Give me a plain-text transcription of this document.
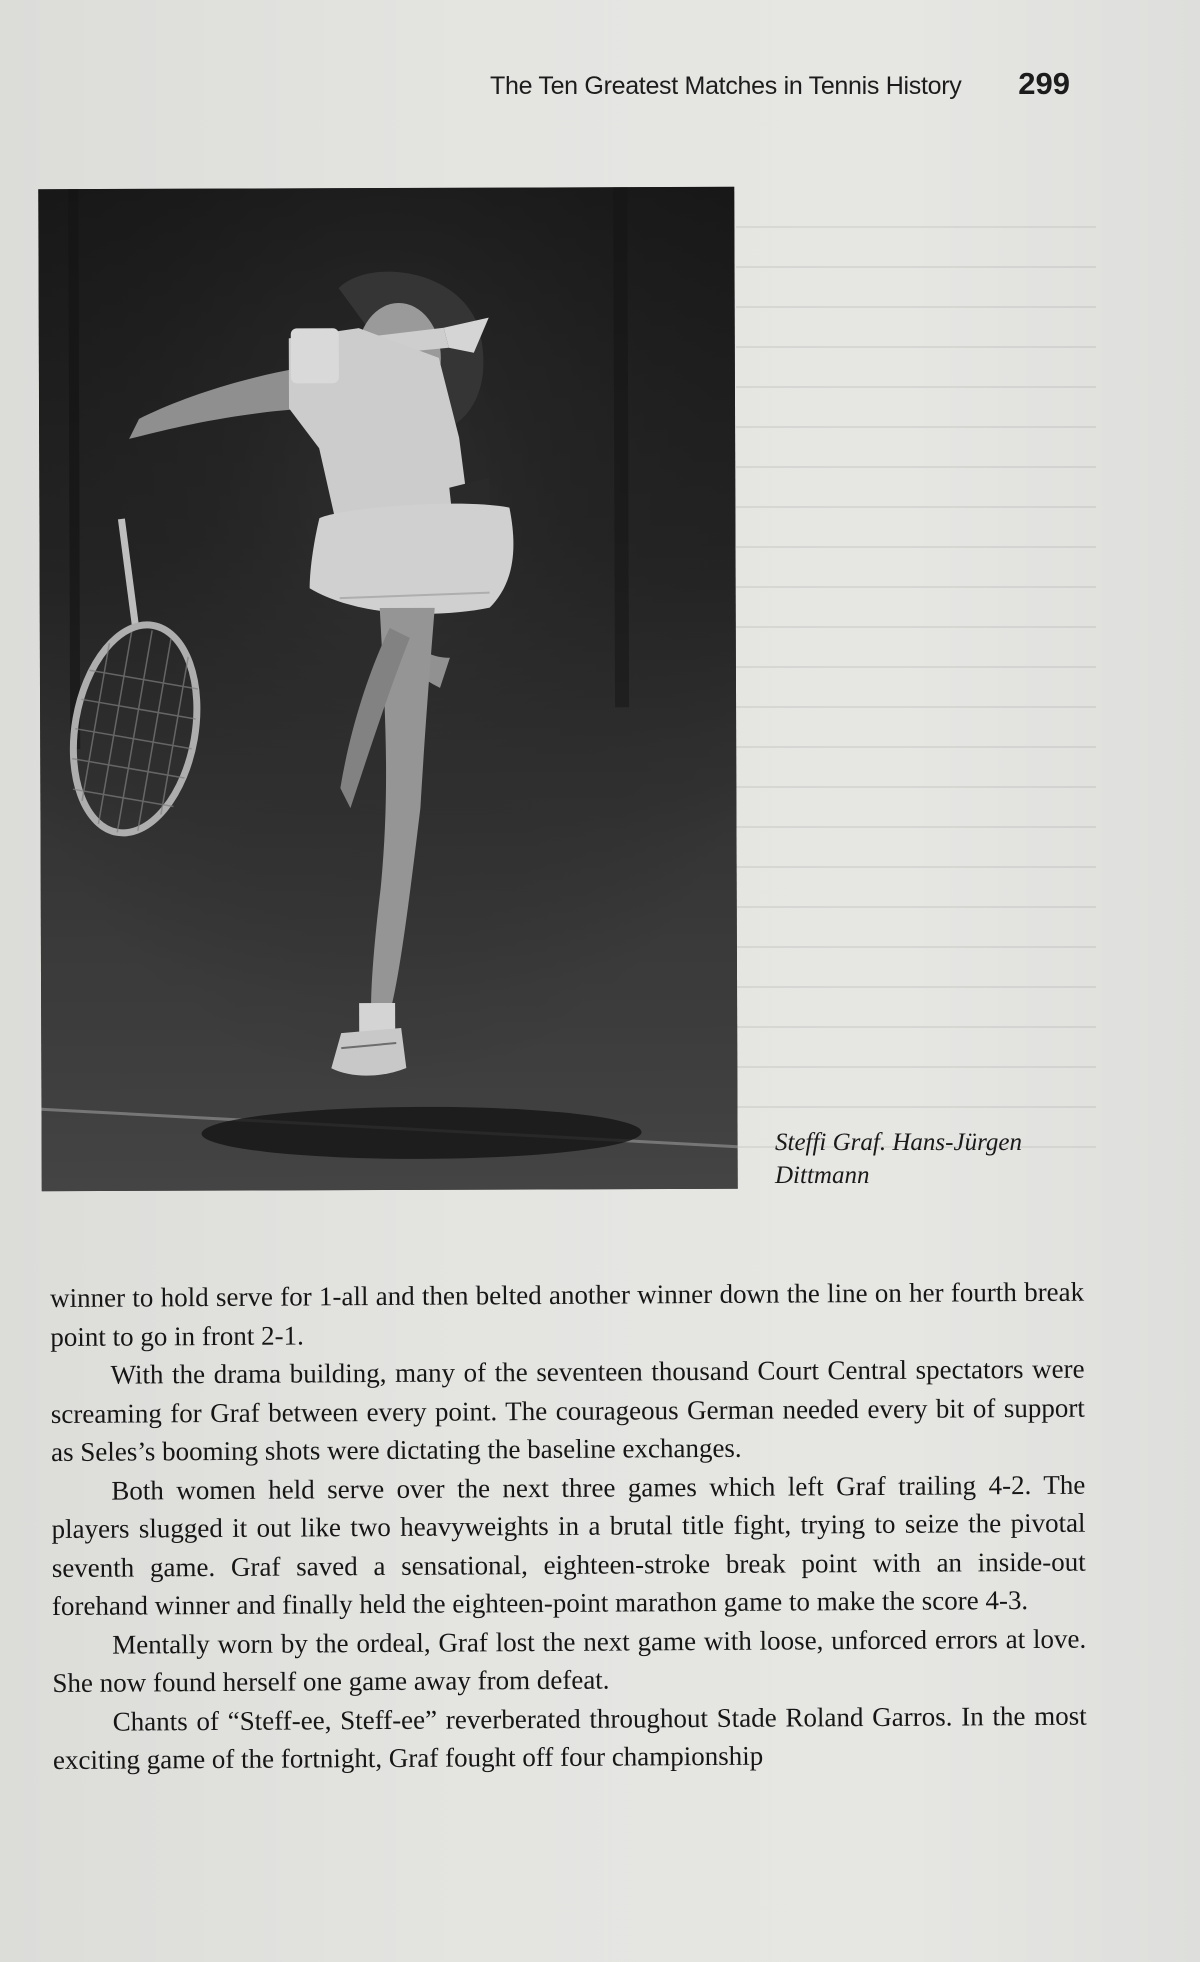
The Ten Greatest Matches in Tennis History 299
Steffi Graf. Hans-Jürgen Dittmann

winner to hold serve for 1-all and then belted another winner down the line on her fourth break point to go in front 2-1.

With the drama building, many of the seventeen thousand Court Central spectators were screaming for Graf between every point. The courageous German needed every bit of support as Seles’s booming shots were dictating the baseline exchanges.

Both women held serve over the next three games which left Graf trailing 4-2. The players slugged it out like two heavyweights in a brutal title fight, trying to seize the pivotal seventh game. Graf saved a sensational, eighteen-stroke break point with an inside-out forehand winner and finally held the eighteen-point marathon game to make the score 4-3.

Mentally worn by the ordeal, Graf lost the next game with loose, unforced errors at love. She now found herself one game away from defeat.

Chants of “Steff-ee, Steff-ee” reverberated throughout Stade Roland Garros. In the most exciting game of the fortnight, Graf fought off four championship
